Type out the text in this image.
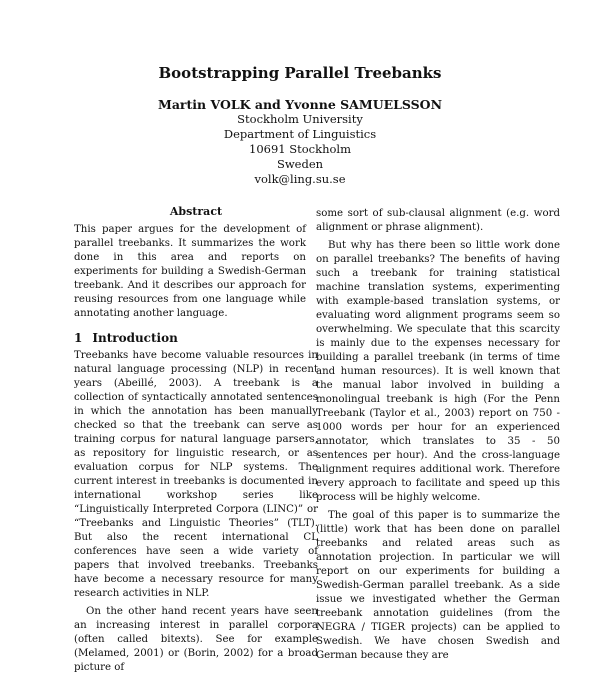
Bootstrapping Parallel Treebanks
Martin VOLK and Yvonne SAMUELSSON
Stockholm University
Department of Linguistics
10691 Stockholm
Sweden
volk@ling.su.se
Abstract

This paper argues for the development of parallel treebanks. It summarizes the work done in this area and reports on experiments for building a Swedish-German treebank. And it describes our approach for reusing resources from one language while annotating another language.

1 Introduction

Treebanks have become valuable resources in natural language processing (NLP) in recent years (Abeillé, 2003). A treebank is a collection of syntactically annotated sentences in which the annotation has been manually checked so that the treebank can serve as training corpus for natural language parsers, as repository for linguistic research, or as evaluation corpus for NLP systems. The current interest in treebanks is documented in international workshop series like “Linguistically Interpreted Corpora (LINC)” or “Treebanks and Linguistic Theories” (TLT). But also the recent international CL conferences have seen a wide variety of papers that involved treebanks. Treebanks have become a necessary resource for many research activities in NLP.

On the other hand recent years have seen an increasing interest in parallel corpora (often called bitexts). See for example (Melamed, 2001) or (Borin, 2002) for a broad picture of

some sort of sub-clausal alignment (e.g. word alignment or phrase alignment).

But why has there been so little work done on parallel treebanks? The benefits of having such a treebank for training statistical machine translation systems, experimenting with example-based translation systems, or evaluating word alignment programs seem so overwhelming. We speculate that this scarcity is mainly due to the expenses necessary for building a parallel treebank (in terms of time and human resources). It is well known that the manual labor involved in building a monolingual treebank is high (For the Penn Treebank (Taylor et al., 2003) report on 750 - 1000 words per hour for an experienced annotator, which translates to 35 - 50 sentences per hour). And the cross-language alignment requires additional work. Therefore every approach to facilitate and speed up this process will be highly welcome.

The goal of this paper is to summarize the (little) work that has been done on parallel treebanks and related areas such as annotation projection. In particular we will report on our experiments for building a Swedish-German parallel treebank. As a side issue we investigated whether the German treebank annotation guidelines (from the NEGRA / TIGER projects) can be applied to Swedish. We have chosen Swedish and German because they are
